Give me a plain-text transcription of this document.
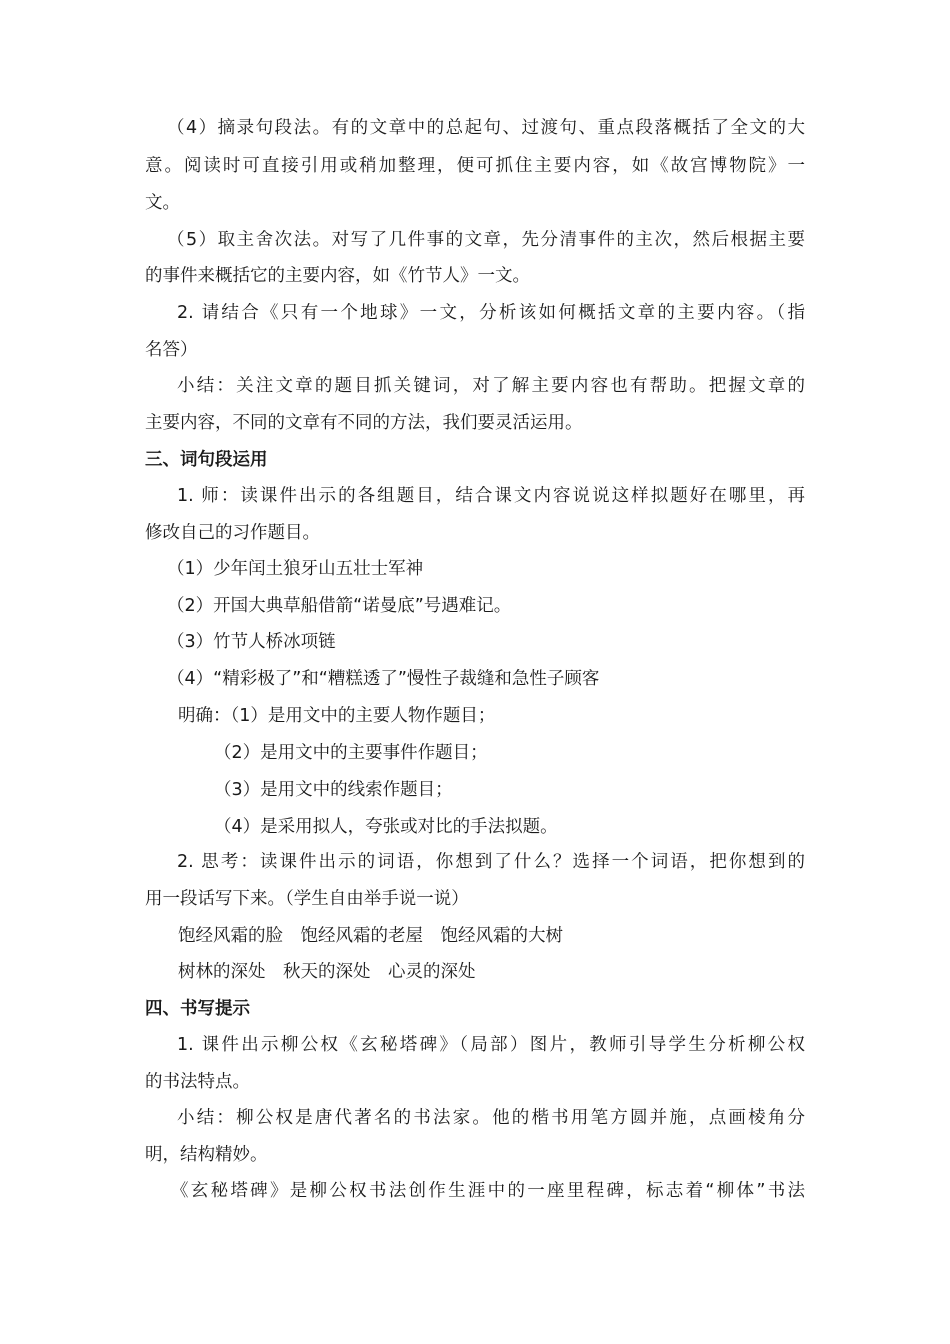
（4）摘录句段法。有的文章中的总起句、过渡句、重点段落概括了全文的大
意。阅读时可直接引用或稍加整理，便可抓住主要内容，如《故宫博物院》一
文。
（5）取主舍次法。对写了几件事的文章，先分清事件的主次，然后根据主要
的事件来概括它的主要内容，如《竹节人》一文。
2. 请结合《只有一个地球》一文，分析该如何概括文章的主要内容。（指
名答）
小结：关注文章的题目抓关键词，对了解主要内容也有帮助。把握文章的
主要内容，不同的文章有不同的方法，我们要灵活运用。
三、词句段运用
1. 师：读课件出示的各组题目，结合课文内容说说这样拟题好在哪里，再
修改自己的习作题目。
（1）少年闰土狼牙山五壮士军神
（2）开国大典草船借箭“诺曼底”号遇难记。
（3）竹节人桥冰项链
（4）“精彩极了”和“糟糕透了”慢性子裁缝和急性子顾客
明确：（1）是用文中的主要人物作题目；
（2）是用文中的主要事件作题目；
（3）是用文中的线索作题目；
（4）是采用拟人，夸张或对比的手法拟题。
2. 思考：读课件出示的词语，你想到了什么？选择一个词语，把你想到的
用一段话写下来。（学生自由举手说一说）
饱经风霜的脸　饱经风霜的老屋　饱经风霜的大树
树林的深处　秋天的深处　心灵的深处
四、书写提示
1. 课件出示柳公权《玄秘塔碑》（局部）图片，教师引导学生分析柳公权
的书法特点。
小结：柳公权是唐代著名的书法家。他的楷书用笔方圆并施，点画棱角分
明，结构精妙。
《玄秘塔碑》是柳公权书法创作生涯中的一座里程碑，标志着“柳体”书法
